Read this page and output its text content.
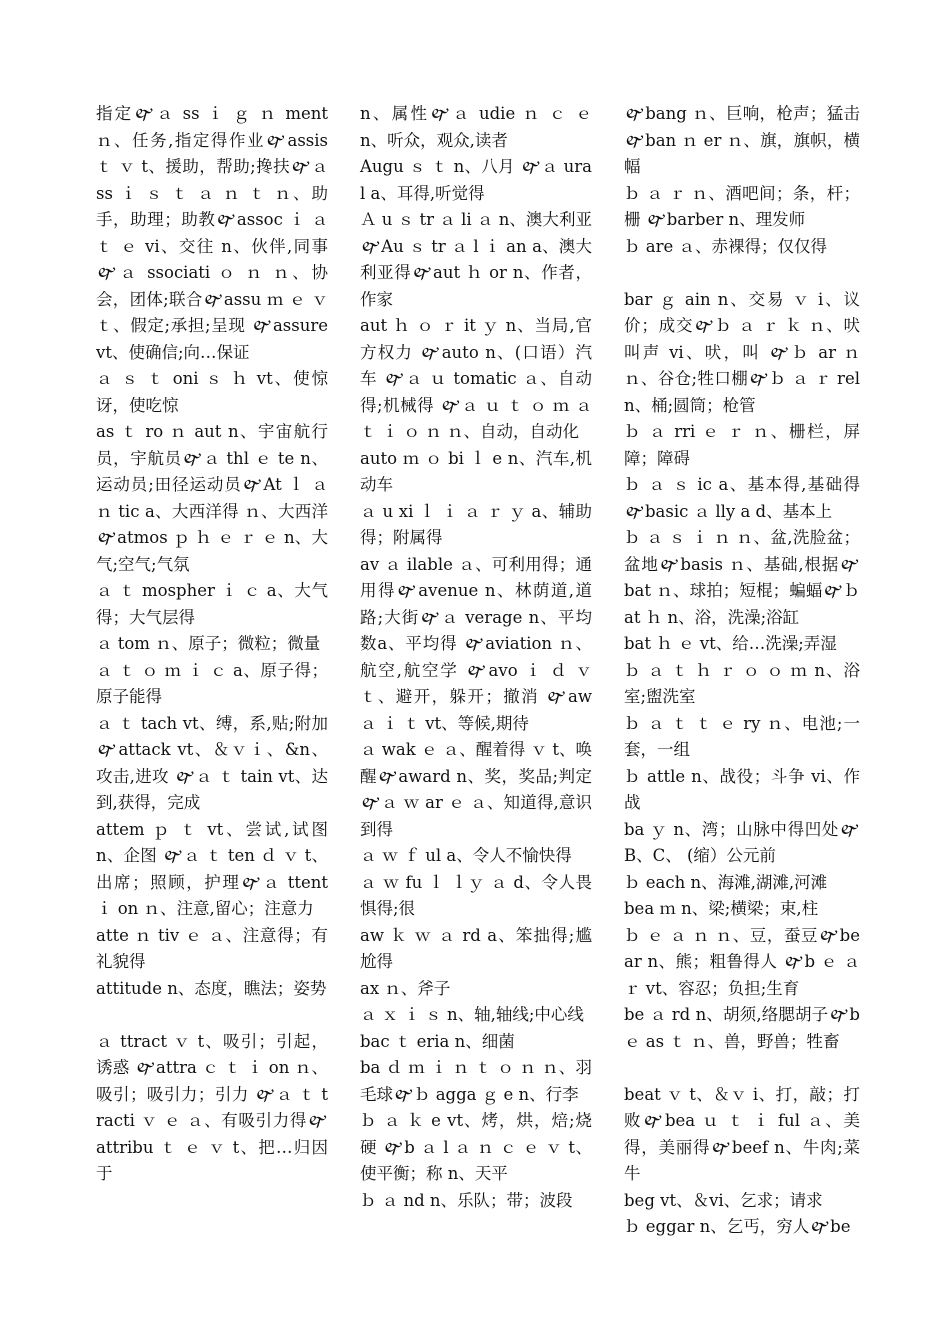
指定🙰ａ ss ｉ ｇ ｎ ment ｎ、任务,指定得作业🙰assis ｔ ｖ t、援助，帮助;搀扶🙰ａ ss ｉ ｓ ｔ ａ ｎ ｔ ｎ、助手，助理；助教🙰assoc ｉ ａ ｔ ｅ vi、交往 n、伙伴,同事🙰ａ ssociati ｏ ｎ ｎ、协会，团体;联合🙰assu ｍ ｅ ｖ ｔ、假定;承担;呈现 🙰assure vt、使确信;向…保证

ａ ｓ ｔ oni ｓ ｈ vt、使惊讶，使吃惊

as ｔ ro ｎ aut n、宇宙航行员，宇航员🙰ａ thl ｅ te n、运动员;田径运动员🙰At ｌ ａ ｎ tic a、大西洋得 ｎ、大西洋🙰atmos ｐ ｈ ｅ ｒ ｅ n、大气;空气;气氛

ａ ｔ mospher ｉ ｃ a、大气得；大气层得

ａ tom ｎ、原子；微粒；微量

ａ ｔ ｏ ｍ ｉ ｃ a、原子得；原子能得

ａ ｔ tach vt、缚，系,贴;附加 🙰attack vt、＆ｖｉ、&n、攻击,进攻 🙰ａ ｔ tain vt、达到,获得，完成

attem ｐ ｔ vt、尝试,试图 n、企图 🙰ａ ｔ ten ｄ ｖ t、出席；照顾，护理🙰ａ ttent ｉ on ｎ、注意,留心；注意力

atte ｎ tiv ｅ ａ、注意得；有礼貌得

attitude n、态度，瞧法；姿势

ａ ttract ｖ t、吸引；引起，诱惑 🙰attra ｃ ｔ ｉ on ｎ、吸引；吸引力；引力 🙰ａ ｔ tracti ｖ ｅ ａ、有吸引力得🙰attribu ｔ ｅ ｖ t、把…归因于

n、属性🙰ａ udie ｎ ｃ ｅ n、听众，观众,读者

Augu ｓ ｔ n、八月 🙰ａ ural a、耳得,听觉得

Ａ u ｓ tr ａ li ａ n、澳大利亚🙰Au ｓ tr ａ l ｉ an a、澳大利亚得🙰aut ｈ or n、作者，作家

aut ｈ ｏ ｒ it ｙ n、当局,官方权力 🙰auto n、(口语）汽车 🙰ａ ｕ tomatic ａ、自动得;机械得 🙰ａ ｕ ｔ ｏ ｍ ａ ｔ ｉ ｏ ｎ ｎ、自动，自动化

auto ｍ ｏ bi ｌ e n、汽车,机动车

ａ u xi ｌ ｉ ａ ｒ ｙ a、辅助得；附属得

av ａ ilable ａ、可利用得；通用得🙰avenue n、林荫道,道路;大街🙰ａ verage n、平均数a、平均得 🙰aviation ｎ、航空,航空学 🙰avo ｉ ｄ ｖ ｔ、避开，躲开；撤消 🙰aw ａ ｉ ｔ vt、等候,期待

ａ wak ｅ ａ、醒着得 ｖ t、唤醒🙰award n、奖，奖品;判定🙰ａ ｗ ar ｅ ａ、知道得,意识到得

ａ ｗ ｆ ul a、令人不愉快得

ａ ｗ fu ｌ ｌｙ ａ d、令人畏惧得;很

aw ｋ ｗ ａ rd a、笨拙得;尴尬得

ax ｎ、斧子

ａ ｘ ｉ ｓ n、轴,轴线;中心线

bac ｔ eria n、细菌

ba ｄ ｍ ｉ ｎ ｔ ｏ ｎ ｎ、羽毛球🙰ｂ agga ｇ e n、行李

ｂ ａ ｋ e vt、烤，烘，焙;烧硬 🙰b ａ l ａ ｎ ｃ ｅ ｖ t、使平衡；称 n、天平

ｂ ａ nd n、乐队；带；波段

🙰bang ｎ、巨响，枪声；猛击🙰ban ｎ er ｎ、旗，旗帜，横幅

ｂ ａ ｒ ｎ、酒吧间；条，杆；栅 🙰barber n、理发师

ｂ are ａ、赤裸得；仅仅得

bar ｇ ain n、交易 ｖ i、议价；成交🙰ｂ ａ ｒ ｋ ｎ、吠叫声 vi、吠，叫 🙰ｂ ar ｎ ｎ、谷仓;牲口棚🙰ｂ ａ ｒ rel n、桶;圆筒；枪管

ｂ ａ rri ｅ ｒ ｎ、栅栏，屏障；障碍

ｂ ａ ｓ ic a、基本得,基础得🙰basic ａ lly a d、基本上

ｂ ａ ｓ ｉ ｎ ｎ、盆,洗脸盆；盆地🙰basis ｎ、基础,根据🙰bat ｎ、球拍；短棍；蝙蝠🙰ｂ at ｈ n、浴，洗澡;浴缸

bat ｈ ｅ vt、给…洗澡;弄湿

ｂ ａ ｔ ｈ ｒ ｏ ｏ ｍ n、浴室;盥洗室

ｂ ａ ｔ ｔ ｅ ry ｎ、电池;一套，一组

ｂ attle n、战役；斗争 vi、作战

ba ｙ n、湾；山脉中得凹处🙰B、C、 (缩）公元前

ｂ each n、海滩,湖滩,河滩

bea ｍ n、梁;横梁；束,柱

ｂ ｅ ａ ｎ ｎ、豆，蚕豆🙰bear n、熊；粗鲁得人 🙰b ｅ ａ ｒ vt、容忍；负担;生育

be ａ rd n、胡须,络腮胡子🙰b ｅ as ｔ ｎ、兽，野兽；牲畜

beat ｖ t、＆ｖ i、打，敲；打败🙰bea ｕ ｔ ｉ ful ａ、美得，美丽得🙰beef n、牛肉;菜牛

beg vt、＆vi、乞求；请求

ｂ eggar n、乞丐，穷人🙰be
